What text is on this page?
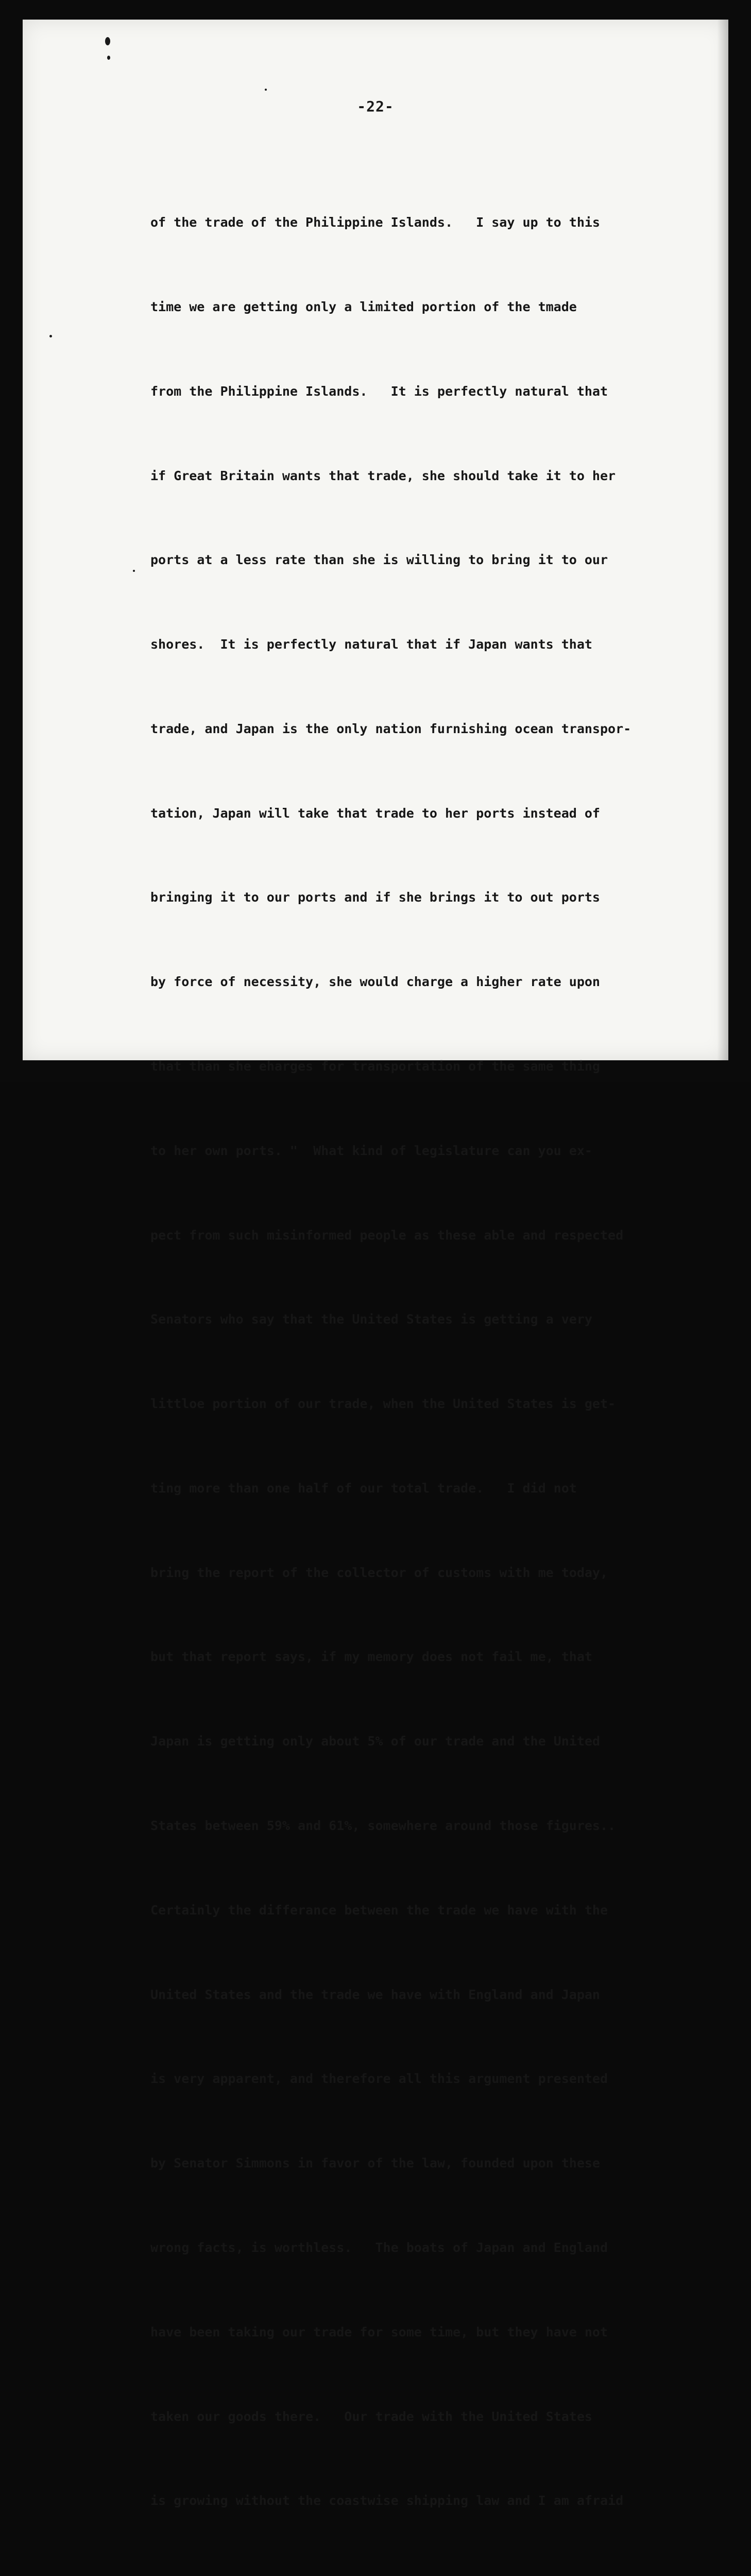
-22-

of the trade of the Philippine Islands.   I say up to this

time we are getting only a limited portion of the tmade

from the Philippine Islands.   It is perfectly natural that

if Great Britain wants that trade, she should take it to her

ports at a less rate than she is willing to bring it to our

shores.  It is perfectly natural that if Japan wants that

trade, and Japan is the only nation furnishing ocean transpor-

tation, Japan will take that trade to her ports instead of

bringing it to our ports and if she brings it to out ports

by force of necessity, she would charge a higher rate upon

that than she eharges for transportation of the same thing

to her own ports. "  What kind of legislature can you ex-

pect from such misinformed people as these able and respected

Senators who say that the United States is getting a very

littloe portion of our trade, when the United States is get-

ting more than one half of our total trade.   I did not

bring the report of the collector of customs with me today,

but that report says, if my memory does not fail me, that

Japan is getting only about 5% of our trade and the United

States between 59% and 61%, somewhere around those figures..

Certainly the differance between the trade we have with the

United States and the trade we have with England and Japan

is very apparent, and therefore all this argument presented

by Senator Simmons in favor of the law, founded upon these

wrong facts, is worthless.   The boats of Japan and England

have been taking our trade for some time, but they have not

taken our goods there.   Our trade with the United States

is growing without the coastwise shipping law and I am afraid
